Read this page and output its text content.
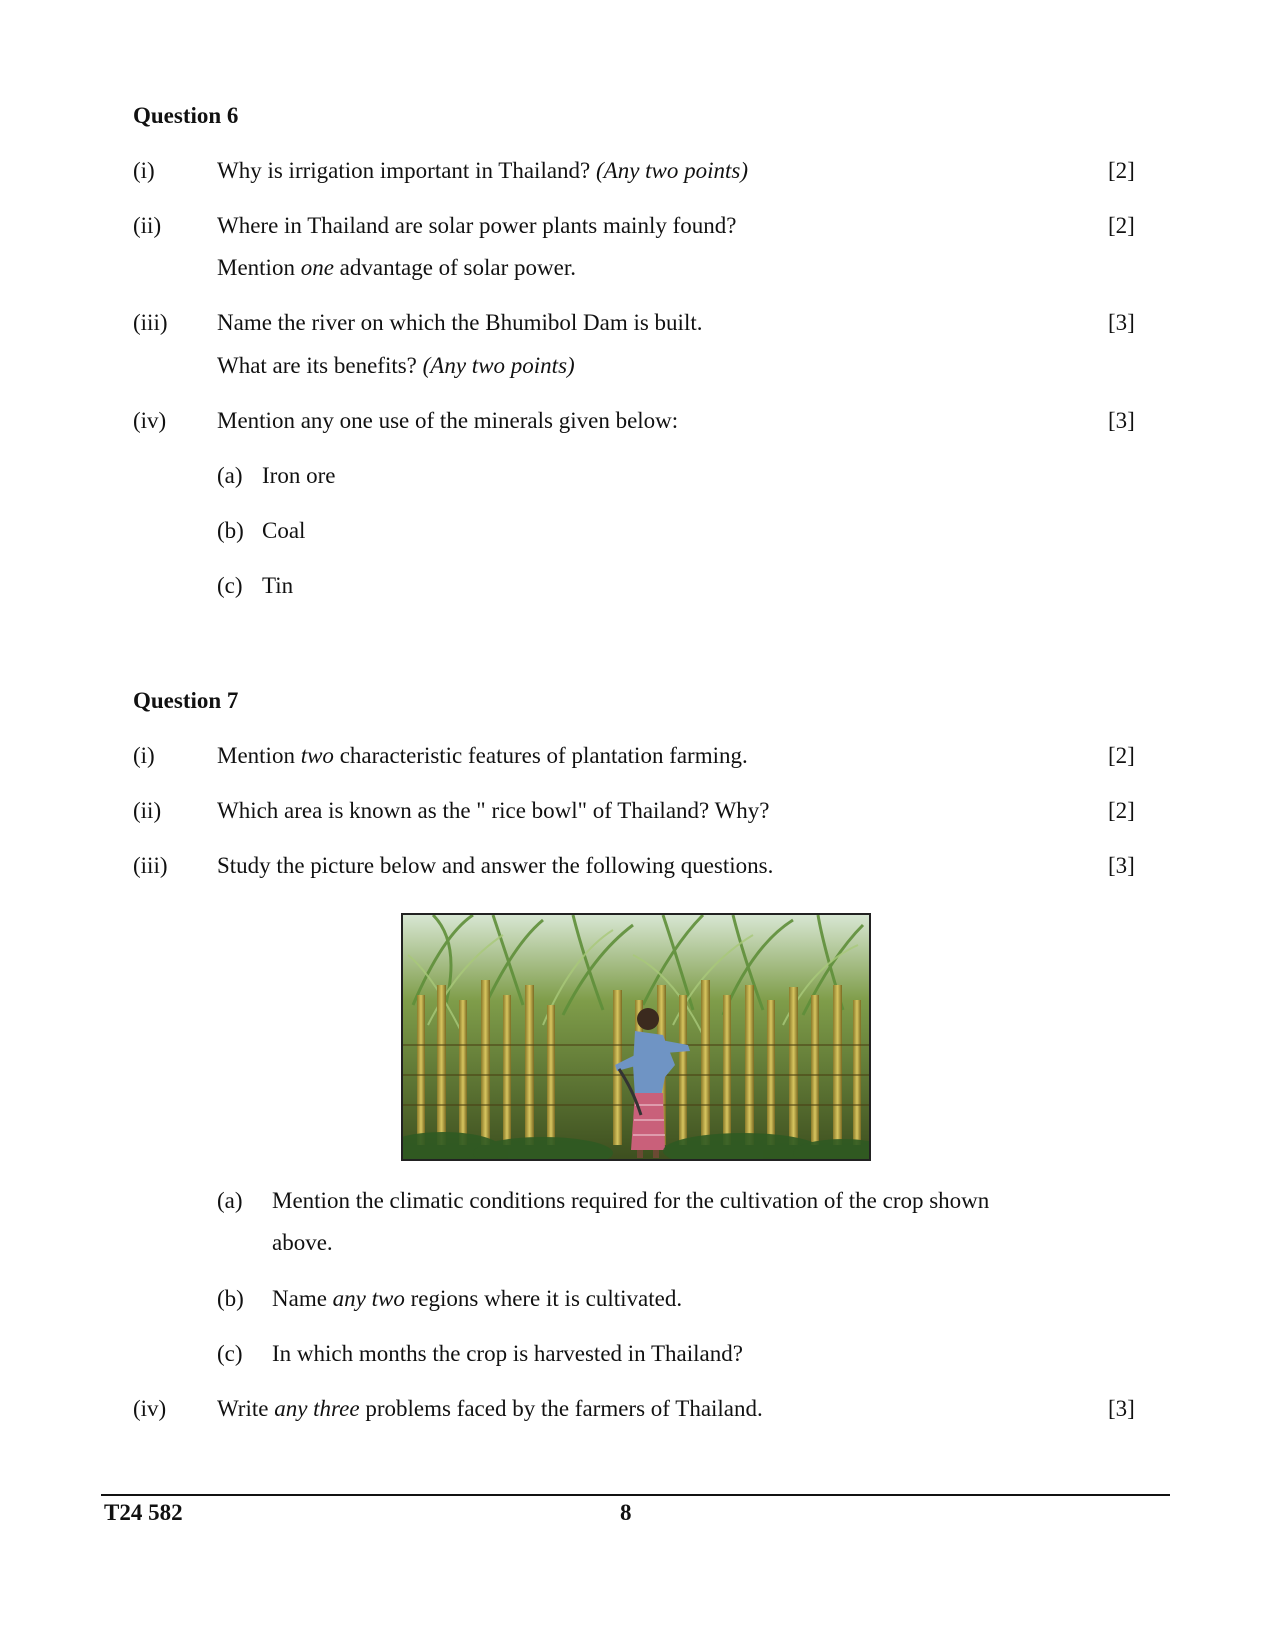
Question 6
(i)	Why is irrigation important in Thailand? (Any two points)	[2]
(ii) Where in Thailand are solar power plants mainly found?	[2]
Mention one advantage of solar power.
(iii) Name the river on which the Bhumibol Dam is built.	[3]
What are its benefits? (Any two points)
(iv) Mention any one use of the minerals given below:	[3]
(a) Iron ore
(b) Coal
(c) Tin
Question 7
(i)	Mention two characteristic features of plantation farming.	[2]
(ii) Which area is known as the " rice bowl" of Thailand? Why?	[2]
(iii) Study the picture below and answer the following questions.	[3]
(a) Mention the climatic conditions required for the cultivation of the crop shown
above.
(b) Name any two regions where it is cultivated.
(c) In which months the crop is harvested in Thailand?
(iv) Write any three problems faced by the farmers of Thailand.	[3]
T24 582	8
